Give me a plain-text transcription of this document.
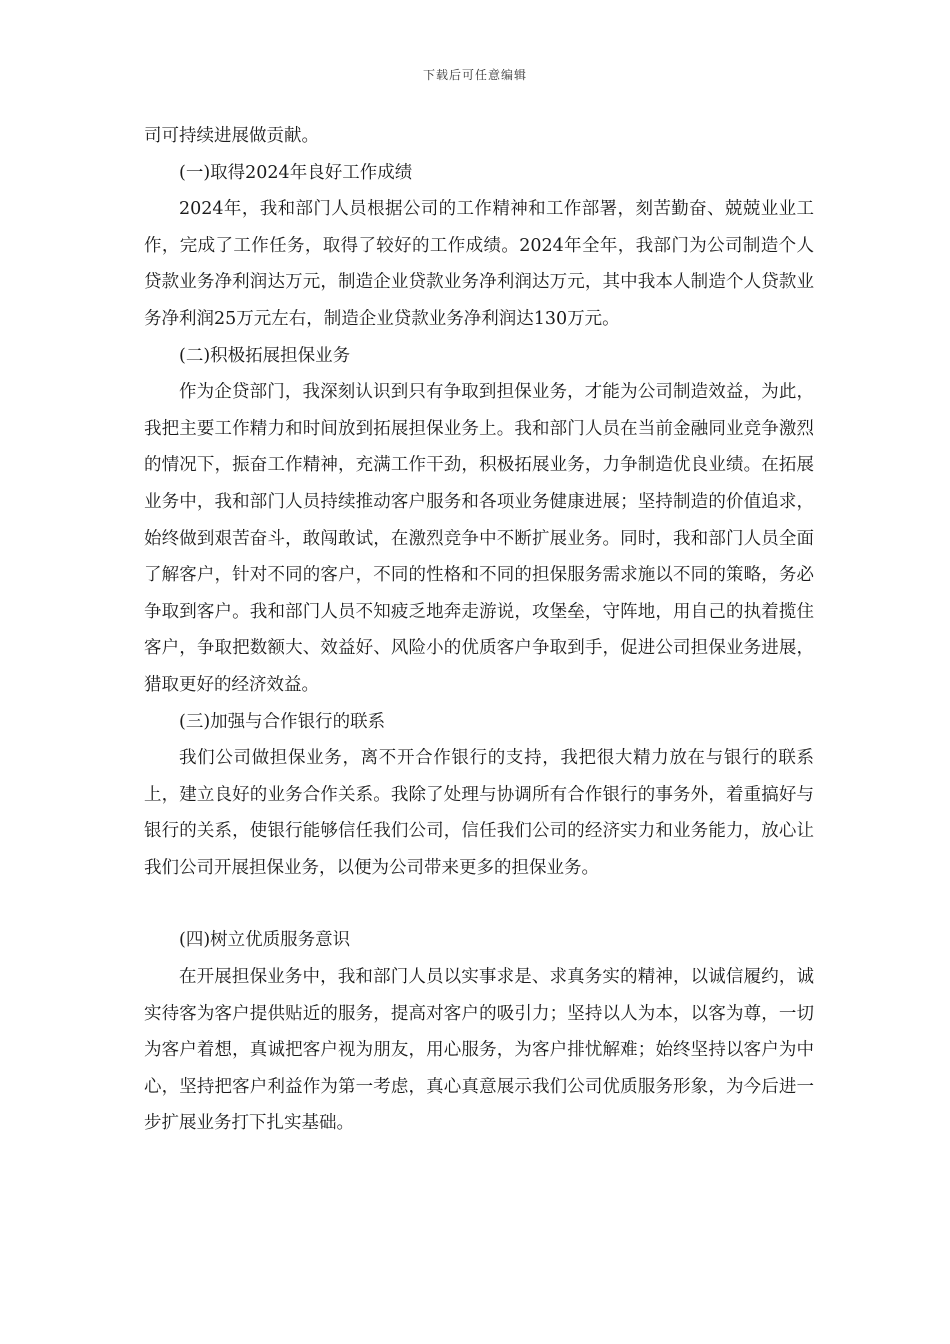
下载后可任意编辑

司可持续进展做贡献。

(一)取得2024年良好工作成绩

2024年，我和部门人员根据公司的工作精神和工作部署，刻苦勤奋、兢兢业业工作，完成了工作任务，取得了较好的工作成绩。2024年全年，我部门为公司制造个人贷款业务净利润达万元，制造企业贷款业务净利润达万元，其中我本人制造个人贷款业务净利润25万元左右，制造企业贷款业务净利润达130万元。

(二)积极拓展担保业务

作为企贷部门，我深刻认识到只有争取到担保业务，才能为公司制造效益，为此，我把主要工作精力和时间放到拓展担保业务上。我和部门人员在当前金融同业竞争激烈的情况下，振奋工作精神，充满工作干劲，积极拓展业务，力争制造优良业绩。在拓展业务中，我和部门人员持续推动客户服务和各项业务健康进展；坚持制造的价值追求，始终做到艰苦奋斗，敢闯敢试，在激烈竞争中不断扩展业务。同时，我和部门人员全面了解客户，针对不同的客户，不同的性格和不同的担保服务需求施以不同的策略，务必争取到客户。我和部门人员不知疲乏地奔走游说，攻堡垒，守阵地，用自己的执着揽住客户，争取把数额大、效益好、风险小的优质客户争取到手，促进公司担保业务进展，猎取更好的经济效益。

(三)加强与合作银行的联系

我们公司做担保业务，离不开合作银行的支持，我把很大精力放在与银行的联系上，建立良好的业务合作关系。我除了处理与协调所有合作银行的事务外，着重搞好与银行的关系，使银行能够信任我们公司，信任我们公司的经济实力和业务能力，放心让我们公司开展担保业务，以便为公司带来更多的担保业务。

(四)树立优质服务意识

在开展担保业务中，我和部门人员以实事求是、求真务实的精神，以诚信履约，诚实待客为客户提供贴近的服务，提高对客户的吸引力；坚持以人为本，以客为尊，一切为客户着想，真诚把客户视为朋友，用心服务，为客户排忧解难；始终坚持以客户为中心，坚持把客户利益作为第一考虑，真心真意展示我们公司优质服务形象，为今后进一步扩展业务打下扎实基础。
